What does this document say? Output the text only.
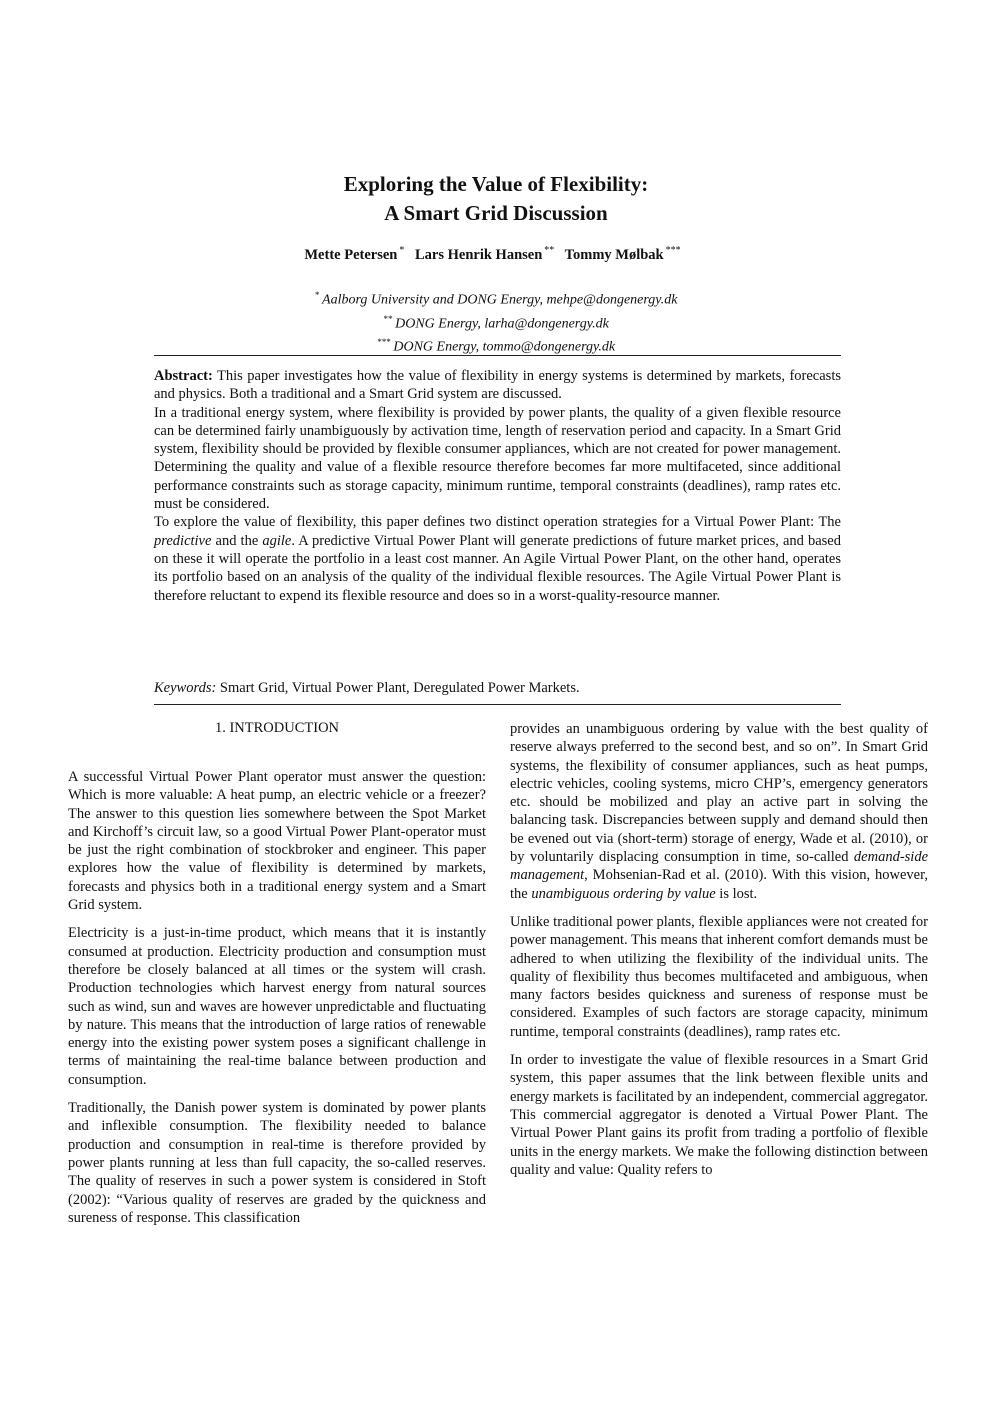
Exploring the Value of Flexibility:
A Smart Grid Discussion
Mette Petersen * Lars Henrik Hansen ** Tommy Mølbak ***
* Aalborg University and DONG Energy, mehpe@dongenergy.dk
** DONG Energy, larha@dongenergy.dk
*** DONG Energy, tommo@dongenergy.dk

Abstract: This paper investigates how the value of flexibility in energy systems is determined by markets, forecasts and physics. Both a traditional and a Smart Grid system are discussed.

In a traditional energy system, where flexibility is provided by power plants, the quality of a given flexible resource can be determined fairly unambiguously by activation time, length of reservation period and capacity. In a Smart Grid system, flexibility should be provided by flexible consumer appliances, which are not created for power management. Determining the quality and value of a flexible resource therefore becomes far more multifaceted, since additional performance constraints such as storage capacity, minimum runtime, temporal constraints (deadlines), ramp rates etc. must be considered.

To explore the value of flexibility, this paper defines two distinct operation strategies for a Virtual Power Plant: The predictive and the agile. A predictive Virtual Power Plant will generate predictions of future market prices, and based on these it will operate the portfolio in a least cost manner. An Agile Virtual Power Plant, on the other hand, operates its portfolio based on an analysis of the quality of the individual flexible resources. The Agile Virtual Power Plant is therefore reluctant to expend its flexible resource and does so in a worst-quality-resource manner.

Keywords: Smart Grid, Virtual Power Plant, Deregulated Power Markets.
1. INTRODUCTION

A successful Virtual Power Plant operator must answer the question: Which is more valuable: A heat pump, an electric vehicle or a freezer? The answer to this question lies somewhere between the Spot Market and Kirchoff’s circuit law, so a good Virtual Power Plant-operator must be just the right combination of stockbroker and engineer. This paper explores how the value of flexibility is determined by markets, forecasts and physics both in a traditional energy system and a Smart Grid system.

Electricity is a just-in-time product, which means that it is instantly consumed at production. Electricity production and consumption must therefore be closely balanced at all times or the system will crash. Production technologies which harvest energy from natural sources such as wind, sun and waves are however unpredictable and fluctuating by nature. This means that the introduction of large ratios of renewable energy into the existing power system poses a significant challenge in terms of maintaining the real-time balance between production and consumption.

Traditionally, the Danish power system is dominated by power plants and inflexible consumption. The flexibility needed to balance production and consumption in real-time is therefore provided by power plants running at less than full capacity, the so-called reserves. The quality of reserves in such a power system is considered in Stoft (2002): “Various quality of reserves are graded by the quickness and sureness of response. This classification

provides an unambiguous ordering by value with the best quality of reserve always preferred to the second best, and so on”. In Smart Grid systems, the flexibility of consumer appliances, such as heat pumps, electric vehicles, cooling systems, micro CHP’s, emergency generators etc. should be mobilized and play an active part in solving the balancing task. Discrepancies between supply and demand should then be evened out via (short-term) storage of energy, Wade et al. (2010), or by voluntarily displacing consumption in time, so-called demand-side management, Mohsenian-Rad et al. (2010). With this vision, however, the unambiguous ordering by value is lost.

Unlike traditional power plants, flexible appliances were not created for power management. This means that inherent comfort demands must be adhered to when utilizing the flexibility of the individual units. The quality of flexibility thus becomes multifaceted and ambiguous, when many factors besides quickness and sureness of response must be considered. Examples of such factors are storage capacity, minimum runtime, temporal constraints (deadlines), ramp rates etc.

In order to investigate the value of flexible resources in a Smart Grid system, this paper assumes that the link between flexible units and energy markets is facilitated by an independent, commercial aggregator. This commercial aggregator is denoted a Virtual Power Plant. The Virtual Power Plant gains its profit from trading a portfolio of flexible units in the energy markets. We make the following distinction between quality and value: Quality refers to
